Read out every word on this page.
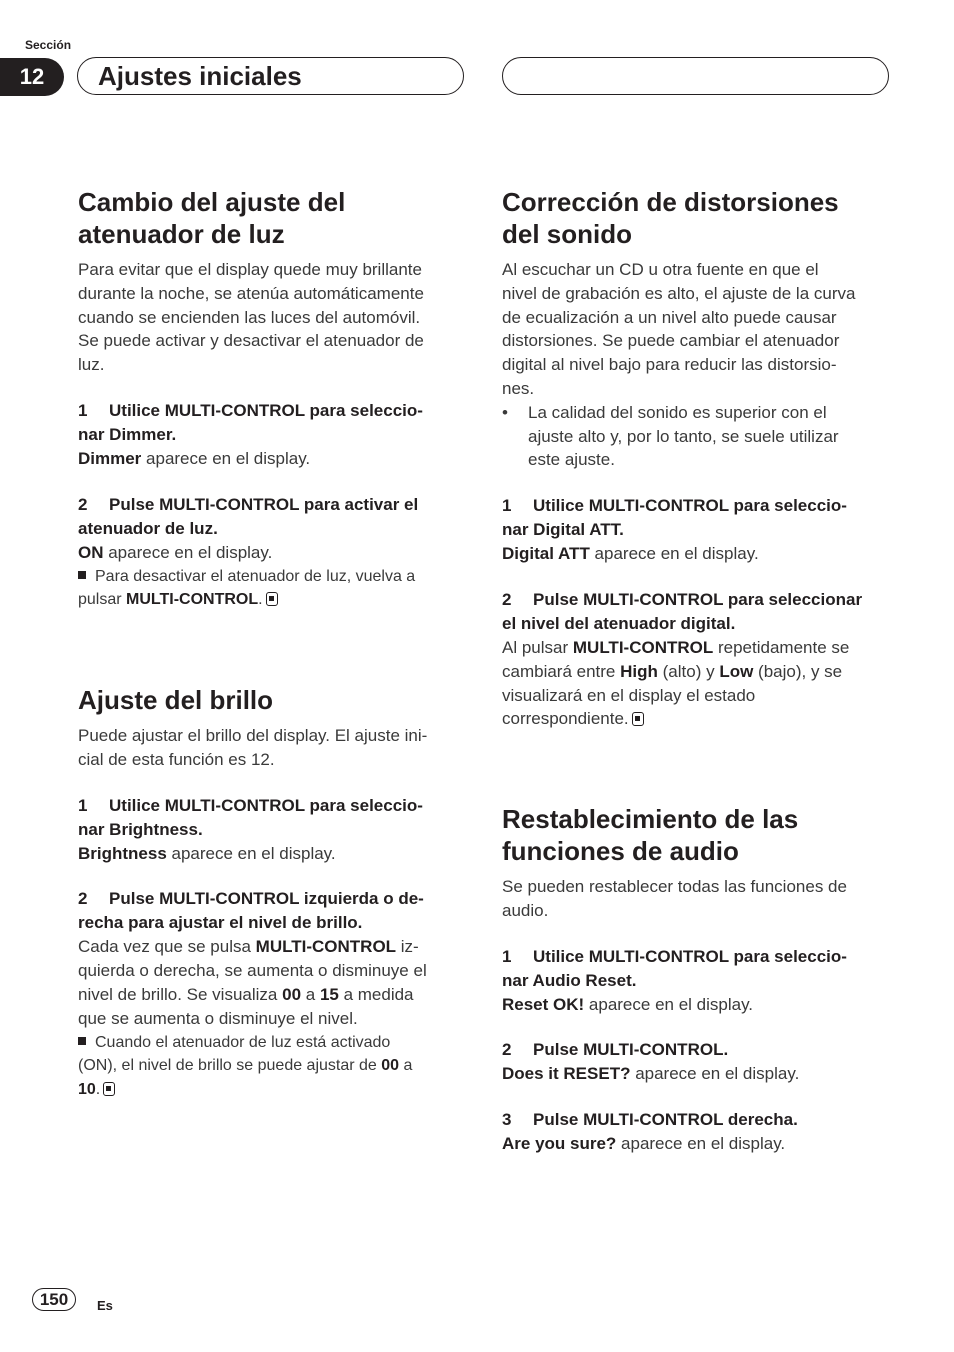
Sección
12 Ajustes iniciales
Cambio del ajuste del
atenuador de luz
Para evitar que el display quede muy brillante
durante la noche, se atenúa automáticamente
cuando se encienden las luces del automóvil.
Se puede activar y desactivar el atenuador de
luz.
1 Utilice MULTI-CONTROL para seleccio-
nar Dimmer.
Dimmer aparece en el display.
2 Pulse MULTI-CONTROL para activar el
atenuador de luz.
ON aparece en el display.
Para desactivar el atenuador de luz, vuelva a
pulsar MULTI-CONTROL.
Ajuste del brillo
Puede ajustar el brillo del display. El ajuste ini-
cial de esta función es 12.
1 Utilice MULTI-CONTROL para seleccio-
nar Brightness.
Brightness aparece en el display.
2 Pulse MULTI-CONTROL izquierda o de-
recha para ajustar el nivel de brillo.
Cada vez que se pulsa MULTI-CONTROL iz-
quierda o derecha, se aumenta o disminuye el
nivel de brillo. Se visualiza 00 a 15 a medida
que se aumenta o disminuye el nivel.
Cuando el atenuador de luz está activado
(ON), el nivel de brillo se puede ajustar de 00 a
10.
Corrección de distorsiones
del sonido
Al escuchar un CD u otra fuente en que el
nivel de grabación es alto, el ajuste de la curva
de ecualización a un nivel alto puede causar
distorsiones. Se puede cambiar el atenuador
digital al nivel bajo para reducir las distorsio-
nes.
•	La calidad del sonido es superior con el
ajuste alto y, por lo tanto, se suele utilizar
este ajuste.
1 Utilice MULTI-CONTROL para seleccio-
nar Digital ATT.
Digital ATT aparece en el display.
2 Pulse MULTI-CONTROL para seleccionar
el nivel del atenuador digital.
Al pulsar MULTI-CONTROL repetidamente se
cambiará entre High (alto) y Low (bajo), y se
visualizará en el display el estado
correspondiente.
Restablecimiento de las
funciones de audio
Se pueden restablecer todas las funciones de
audio.
1 Utilice MULTI-CONTROL para seleccio-
nar Audio Reset.
Reset OK! aparece en el display.
2 Pulse MULTI-CONTROL.
Does it RESET? aparece en el display.
3 Pulse MULTI-CONTROL derecha.
Are you sure? aparece en el display.
150	Es
